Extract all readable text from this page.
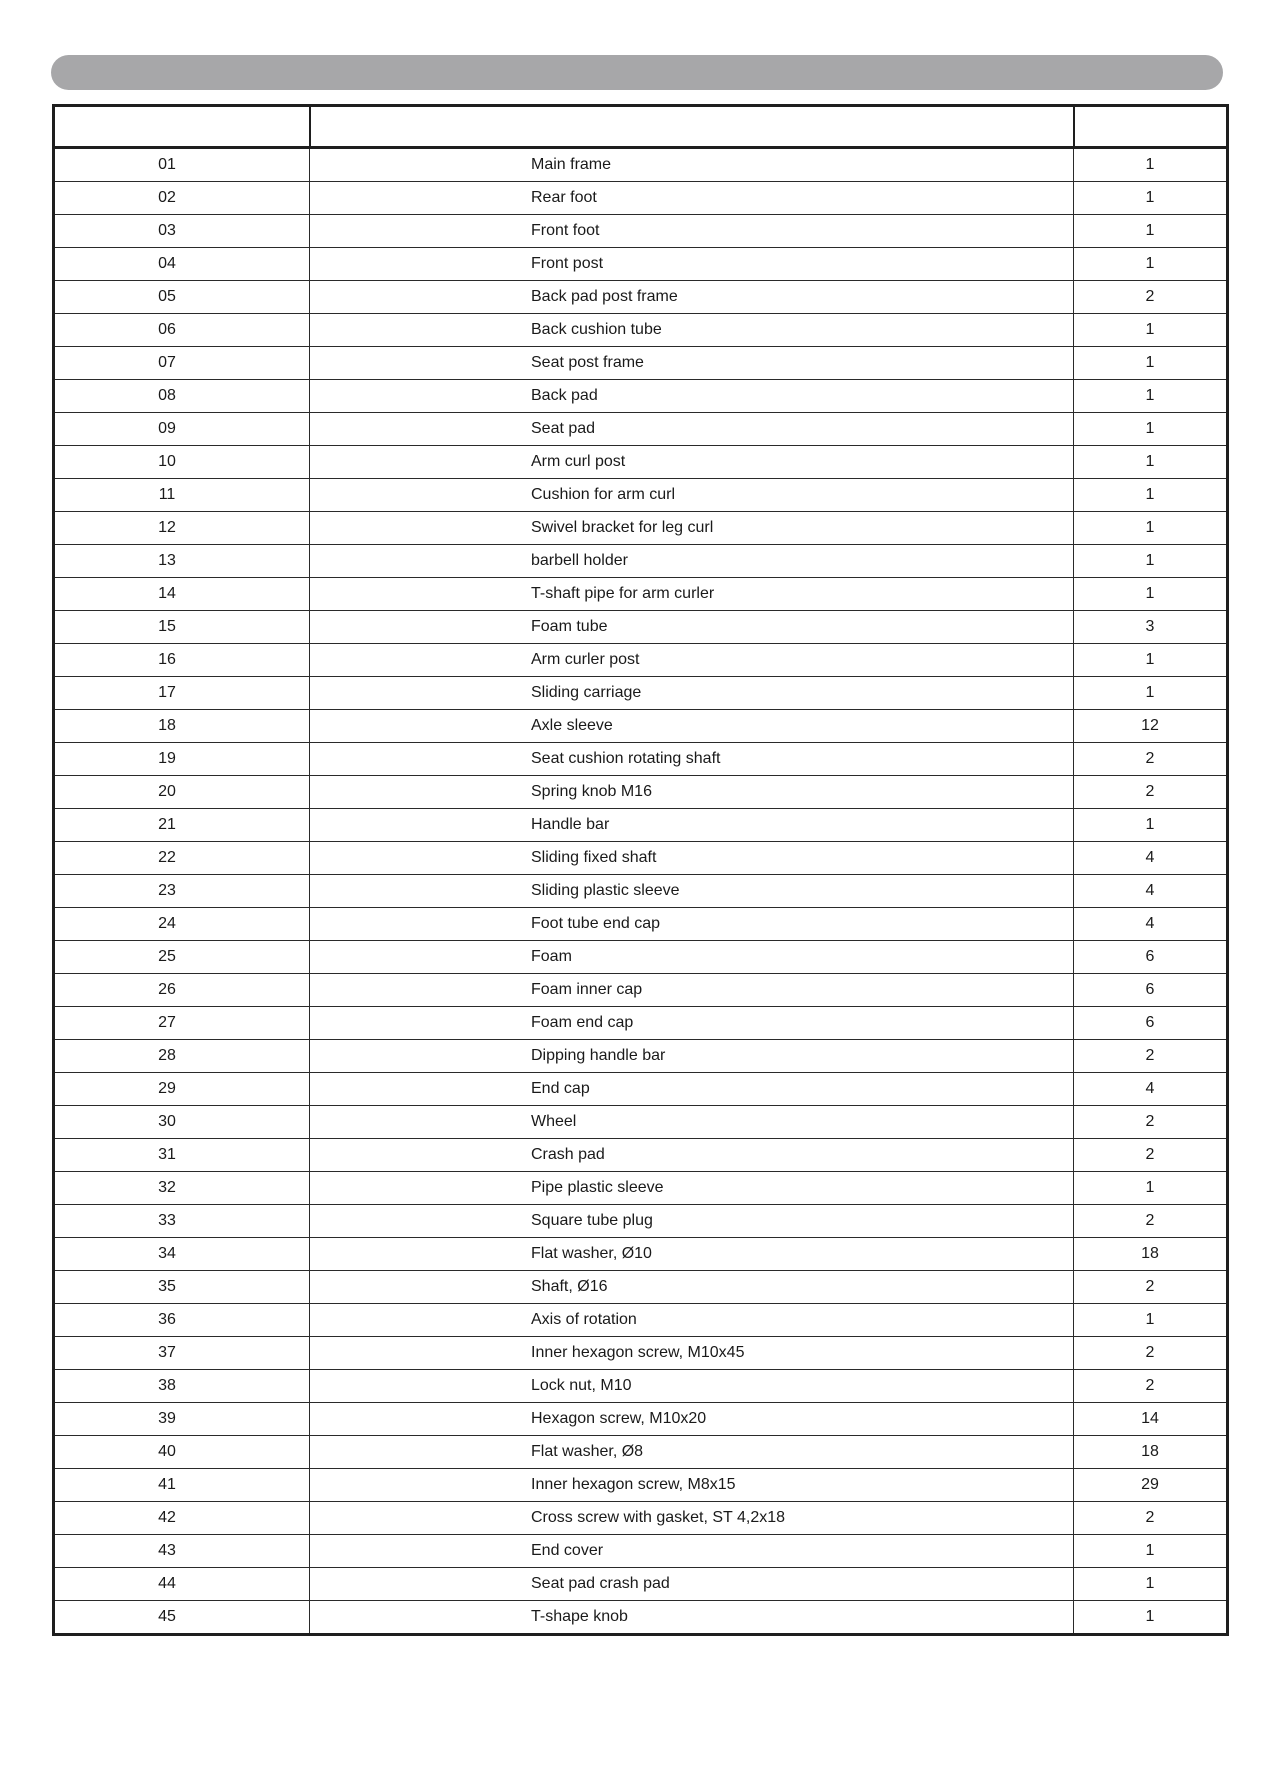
01	Main frame	1
02	Rear foot	1
03	Front foot	1
04	Front post	1
05	Back pad post frame	2
06	Back cushion tube	1
07	Seat post frame	1
08	Back pad	1
09	Seat pad	1
10	Arm curl post	1
11	Cushion for arm curl	1
12	Swivel bracket for leg curl	1
13	barbell holder	1
14	T-shaft pipe for arm curler	1
15	Foam tube	3
16	Arm curler post	1
17	Sliding carriage	1
18	Axle sleeve	12
19	Seat cushion rotating shaft	2
20	Spring knob M16	2
21	Handle bar	1
22	Sliding fixed shaft	4
23	Sliding plastic sleeve	4
24	Foot tube end cap	4
25	Foam	6
26	Foam inner cap	6
27	Foam end cap	6
28	Dipping handle bar	2
29	End cap	4
30	Wheel	2
31	Crash pad	2
32	Pipe plastic sleeve	1
33	Square tube plug	2
34	Flat washer, Ø10	18
35	Shaft, Ø16	2
36	Axis of rotation	1
37	Inner hexagon screw, M10x45	2
38	Lock nut, M10	2
39	Hexagon screw, M10x20	14
40	Flat washer, Ø8	18
41	Inner hexagon screw, M8x15	29
42	Cross screw with gasket, ST 4,2x18	2
43	End cover	1
44	Seat pad crash pad	1
45	T-shape knob	1
